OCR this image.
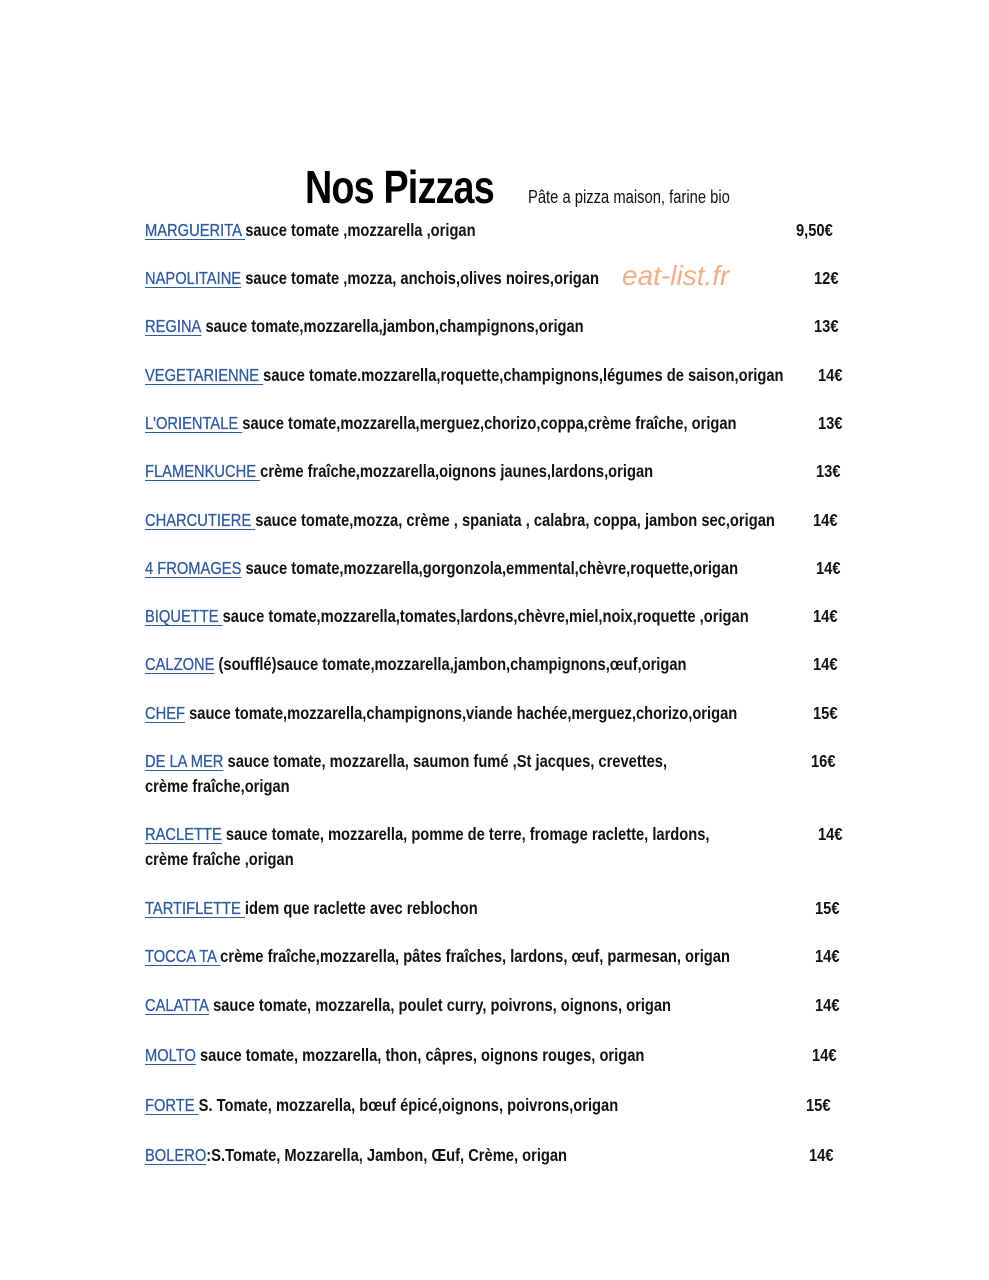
Nos Pizzas Pâte a pizza maison, farine bio
eat-list.fr
MARGUERITA sauce tomate ,mozzarella ,origan	9,50€
NAPOLITAINE sauce tomate ,mozza, anchois,olives noires,origan	12€
REGINA sauce tomate,mozzarella,jambon,champignons,origan	13€
VEGETARIENNE sauce tomate.mozzarella,roquette,champignons,légumes de saison,origan 14€
L'ORIENTALE sauce tomate,mozzarella,merguez,chorizo,coppa,crème fraîche, origan	13€
FLAMENKUCHE crème fraîche,mozzarella,oignons jaunes,lardons,origan	13€
CHARCUTIERE sauce tomate,mozza, crème , spaniata , calabra, coppa, jambon sec,origan 14€
4 FROMAGES sauce tomate,mozzarella,gorgonzola,emmental,chèvre,roquette,origan	14€
BIQUETTE sauce tomate,mozzarella,tomates,lardons,chèvre,miel,noix,roquette ,origan	14€
CALZONE (soufflé)sauce tomate,mozzarella,jambon,champignons,œuf,origan	14€
CHEF sauce tomate,mozzarella,champignons,viande hachée,merguez,chorizo,origan	15€
DE LA MER sauce tomate, mozzarella, saumon fumé ,St jacques, crevettes,
crème fraîche,origan
16€
RACLETTE sauce tomate, mozzarella, pomme de terre, fromage raclette, lardons,
crème fraîche ,origan
14€
TARTIFLETTE idem que raclette avec reblochon	15€
TOCCA TA crème fraîche,mozzarella, pâtes fraîches, lardons, œuf, parmesan, origan	14€
CALATTA sauce tomate, mozzarella, poulet curry, poivrons, oignons, origan	14€
MOLTO sauce tomate, mozzarella, thon, câpres, oignons rouges, origan	14€
FORTE S. Tomate, mozzarella, bœuf épicé,oignons, poivrons,origan	15€
BOLERO:S.Tomate, Mozzarella, Jambon, Œuf, Crème, origan	14€
